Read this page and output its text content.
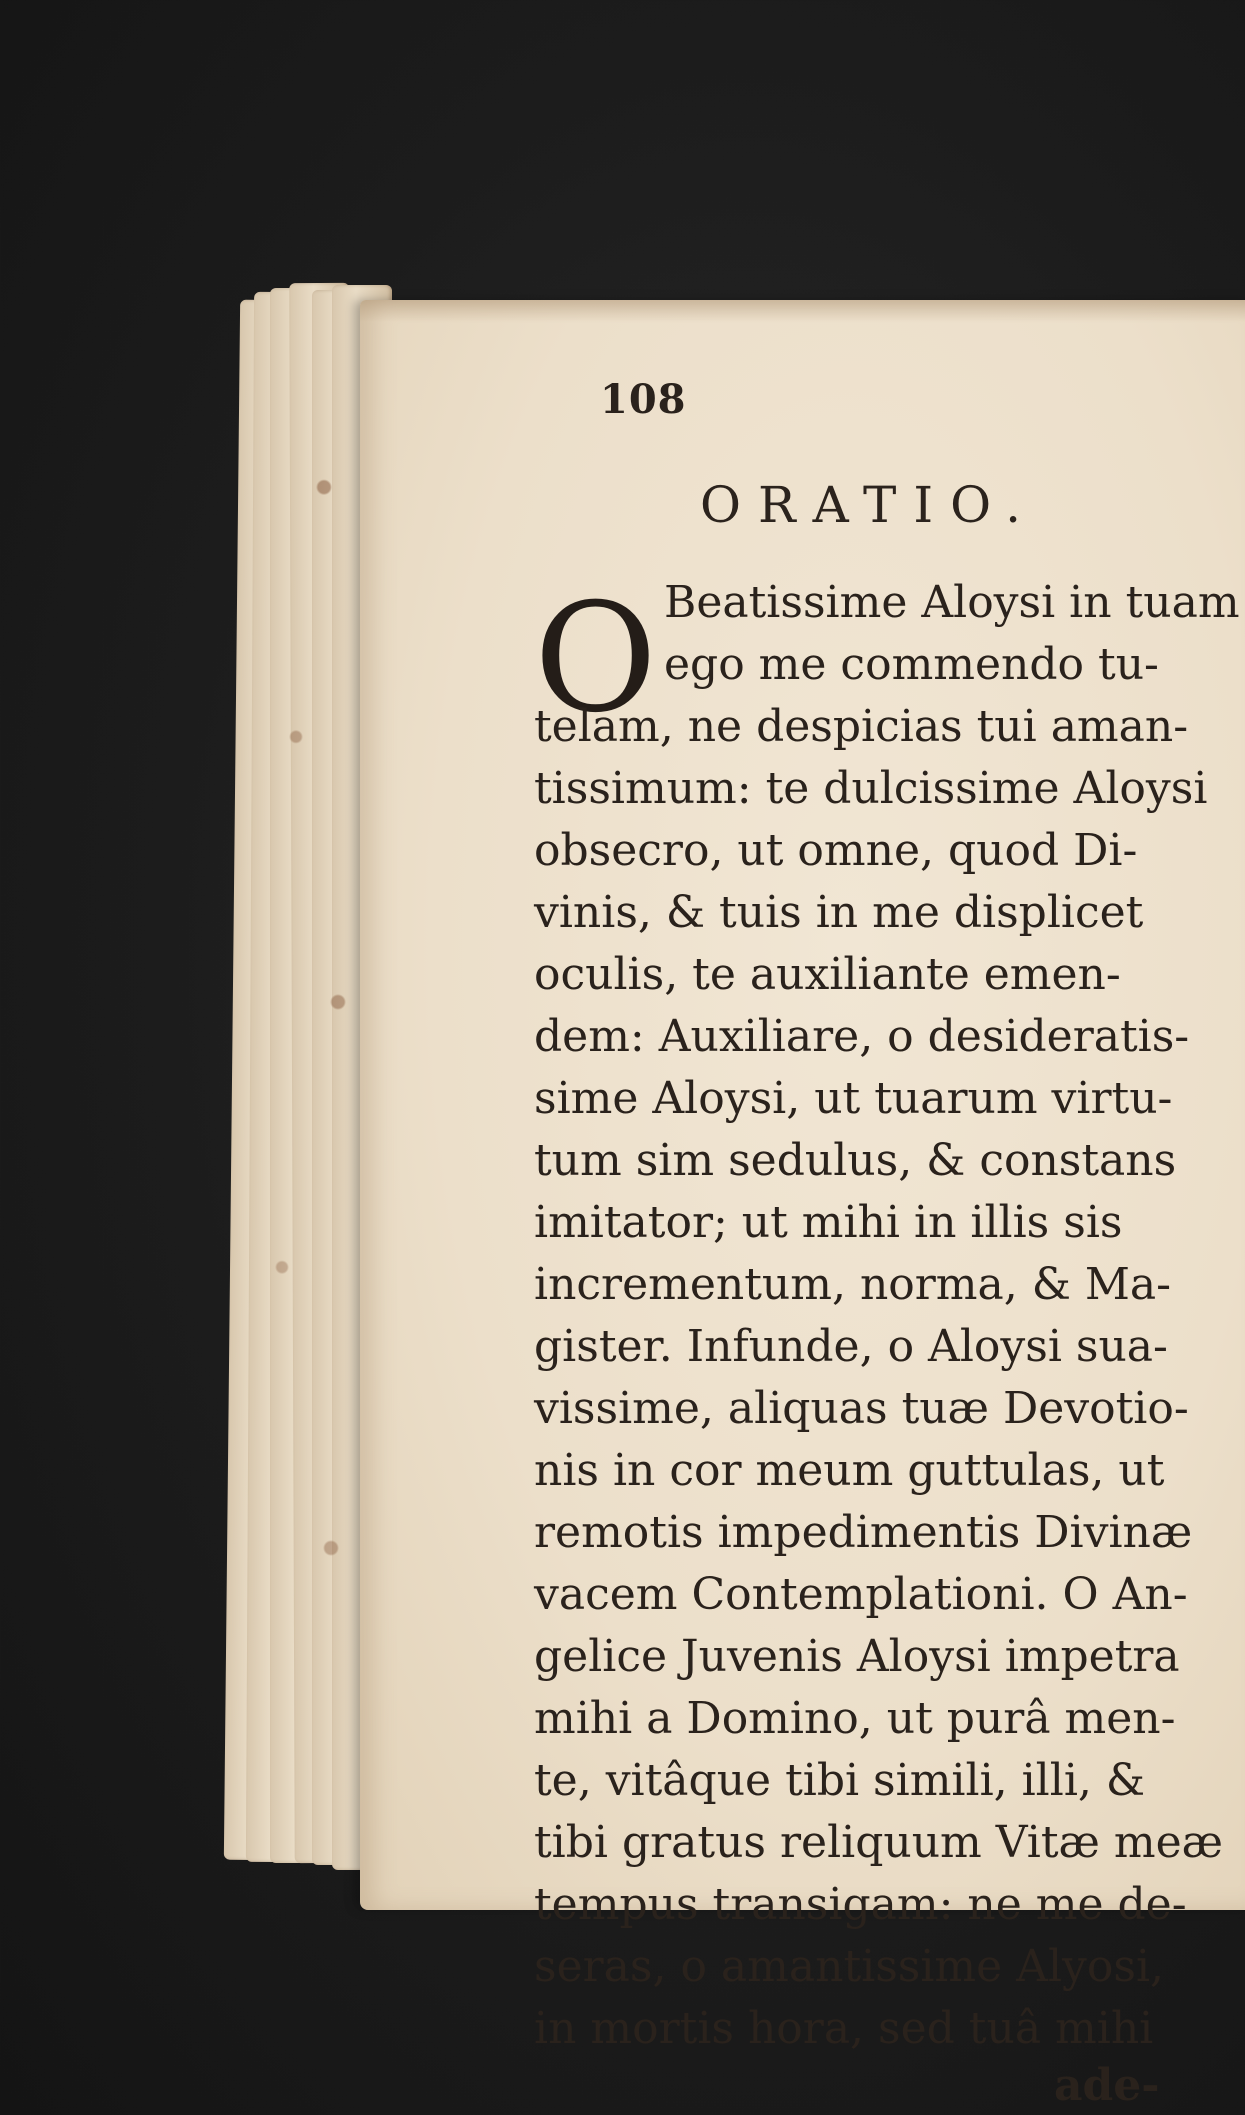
108
ORATIO.
O Beatissime Aloysi in tuam
ego me commendo tu-
telam, ne despicias tui aman-
tissimum: te dulcissime Aloysi
obsecro, ut omne, quod Di-
vinis, & tuis in me displicet
oculis, te auxiliante emen-
dem: Auxiliare, o desideratis-
sime Aloysi, ut tuarum virtu-
tum sim sedulus, & constans
imitator; ut mihi in illis sis
incrementum, norma, & Ma-
gister. Infunde, o Aloysi sua-
vissime, aliquas tuæ Devotio-
nis in cor meum guttulas, ut
remotis impedimentis Divinæ
vacem Contemplationi. O An-
gelice Juvenis Aloysi impetra
mihi a Domino, ut purâ men-
te, vitâque tibi simili, illi, &
tibi gratus reliquum Vitæ meæ
tempus transigam: ne me de-
seras, o amantissime Alyosi,
in mortis hora, sed tuâ mihi
ade-
